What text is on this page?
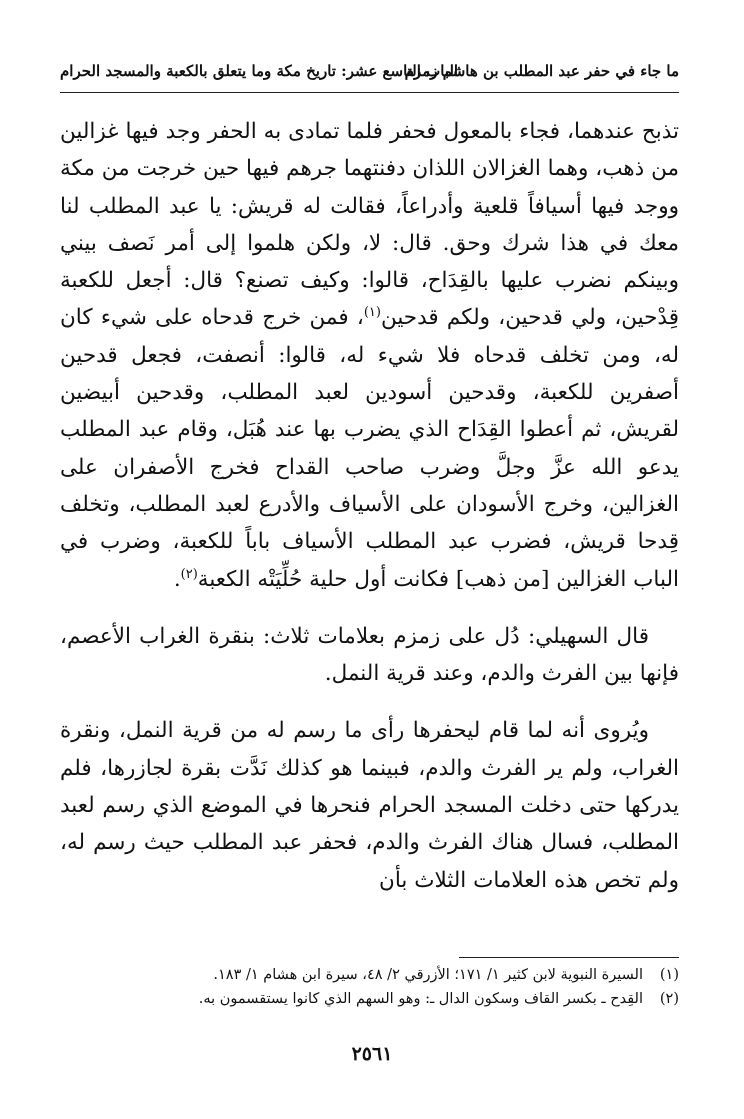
ما جاء في حفر عبد المطلب بن هاشم زمزم
الباب التاسع عشر: تاريخ مكة وما يتعلق بالكعبة والمسجد الحرام

تذبح عندهما، فجاء بالمعول فحفر فلما تمادى به الحفر وجد فيها غزالين من ذهب، وهما الغزالان اللذان دفنتهما جرهم فيها حين خرجت من مكة ووجد فيها أسيافاً قلعية وأدراعاً، فقالت له قريش: يا عبد المطلب لنا معك في هذا شرك وحق. قال: لا، ولكن هلموا إلى أمر نَصف بيني وبينكم نضرب عليها بالقِدَاح، قالوا: وكيف تصنع؟ قال: أجعل للكعبة قِدْحين، ولي قدحين، ولكم قدحين$^{(١)}$، فمن خرج قدحاه على شيء كان له، ومن تخلف قدحاه فلا شيء له، قالوا: أنصفت، فجعل قدحين أصفرين للكعبة، وقدحين أسودين لعبد المطلب، وقدحين أبيضين لقريش، ثم أعطوا القِدَاح الذي يضرب بها عند هُبَل، وقام عبد المطلب يدعو الله عزَّ وجلَّ وضرب صاحب القداح فخرج الأصفران على الغزالين، وخرج الأسودان على الأسياف والأدرع لعبد المطلب، وتخلف قِدحا قريش، فضرب عبد المطلب الأسياف باباً للكعبة، وضرب في الباب الغزالين [من ذهب] فكانت أول حلية حُلِّيَتْه الكعبة$^{(٢)}$.

قال السهيلي: دُل على زمزم بعلامات ثلاث: بنقرة الغراب الأعصم، فإنها بين الفرث والدم، وعند قرية النمل.

ويُروى أنه لما قام ليحفرها رأى ما رسم له من قرية النمل، ونقرة الغراب، ولم ير الفرث والدم، فبينما هو كذلك نَدَّت بقرة لجازرها، فلم يدركها حتى دخلت المسجد الحرام فنحرها في الموضع الذي رسم لعبد المطلب، فسال هناك الفرث والدم، فحفر عبد المطلب حيث رسم له، ولم تخص هذه العلامات الثلاث بأن

(١)
السيرة النبوية لابن كثير ١/ ١٧١؛ الأزرقي ٢/ ٤٨، سيرة ابن هشام ١/ ١٨٣.
(٢)
القِدح ـ بكسر القاف وسكون الدال ـ: وهو السهم الذي كانوا يستقسمون به.
٢٥٦١
